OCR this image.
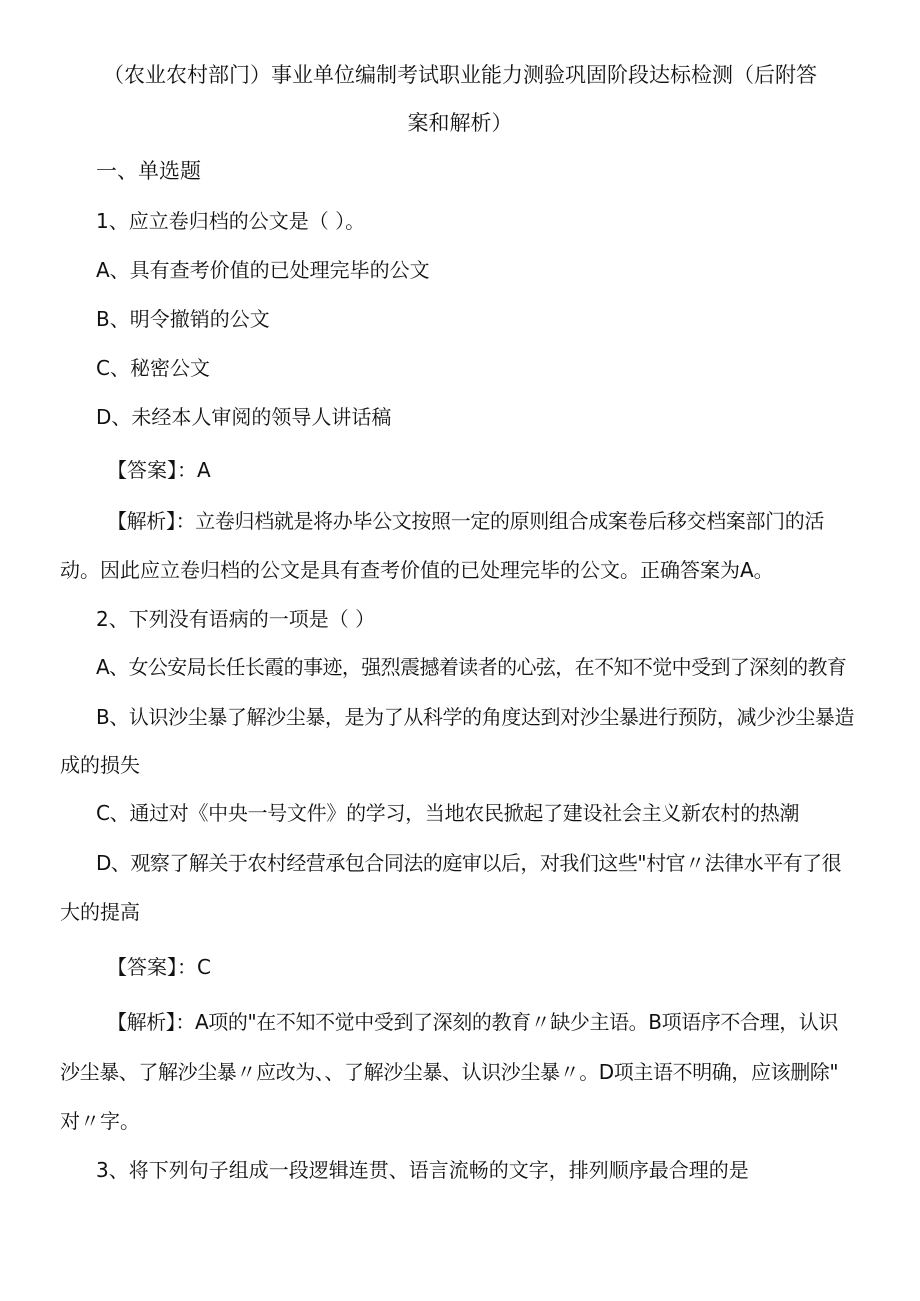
（农业农村部门）事业单位编制考试职业能力测验巩固阶段达标检测（后附答
案和解析）
一、单选题
1、应立卷归档的公文是（ ）。
A、具有查考价值的已处理完毕的公文
B、明令撤销的公文
C、秘密公文
D、未经本人审阅的领导人讲话稿
【答案】：A
【解析】：立卷归档就是将办毕公文按照一定的原则组合成案卷后移交档案部门的活
动。因此应立卷归档的公文是具有查考价值的已处理完毕的公文。正确答案为A。
2、下列没有语病的一项是（ ）
A、女公安局长任长霞的事迹，强烈震撼着读者的心弦，在不知不觉中受到了深刻的教育
B、认识沙尘暴了解沙尘暴，是为了从科学的角度达到对沙尘暴进行预防，减少沙尘暴造
成的损失
C、通过对《中央一号文件》的学习，当地农民掀起了建设社会主义新农村的热潮
D、观察了解关于农村经营承包合同法的庭审以后，对我们这些"村官〃法律水平有了很
大的提高
【答案】：C
【解析】：A项的"在不知不觉中受到了深刻的教育〃缺少主语。B项语序不合理，认识
沙尘暴、了解沙尘暴〃应改为、、了解沙尘暴、认识沙尘暴〃。D项主语不明确，应该删除"
对〃字。
3、将下列句子组成一段逻辑连贯、语言流畅的文字，排列顺序最合理的是
